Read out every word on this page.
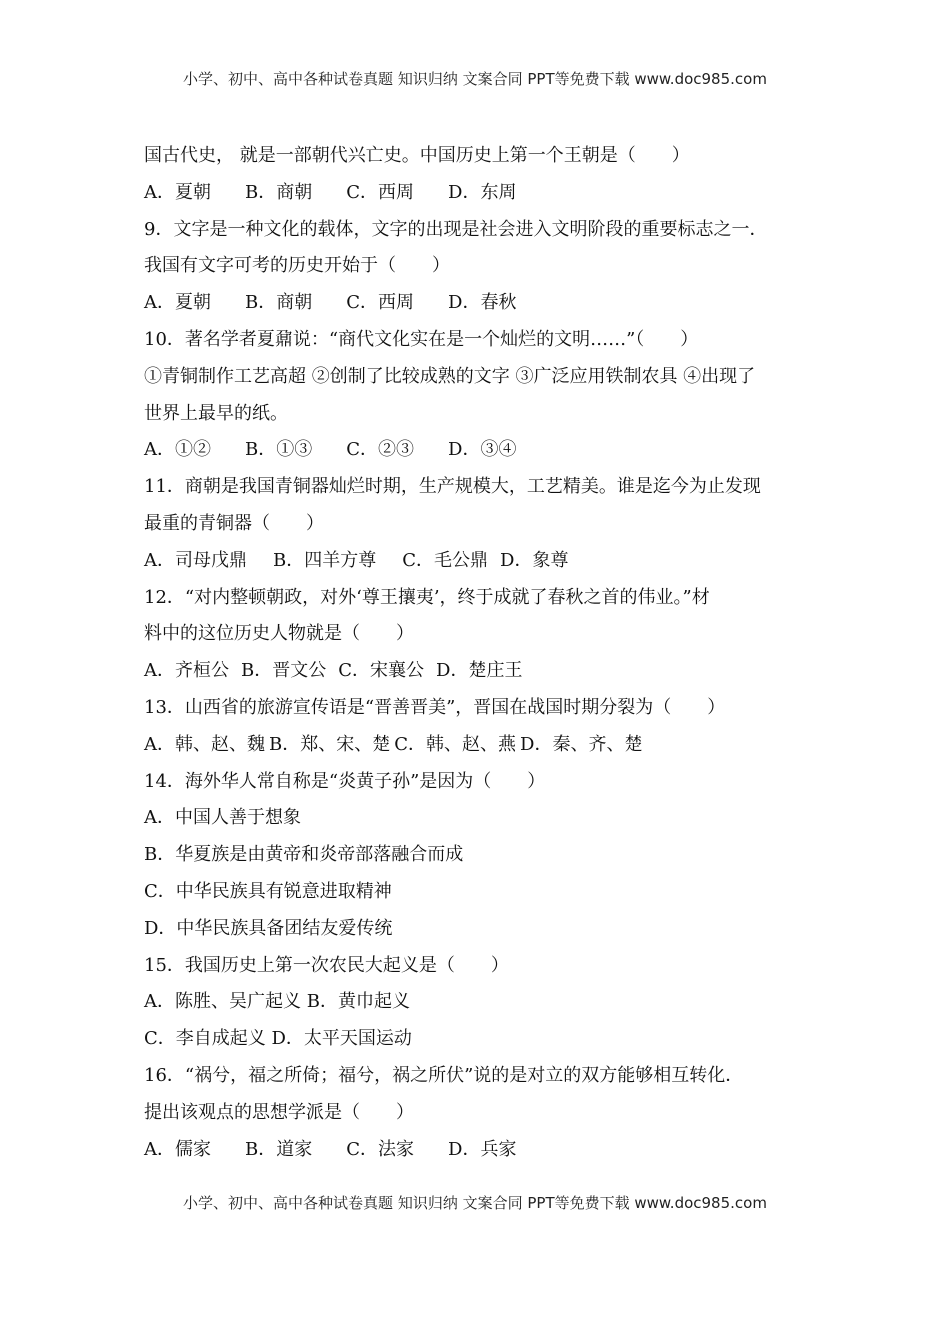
小学、初中、高中各种试卷真题 知识归纳 文案合同 PPT等免费下载 www.doc985.com
国古代史， 就是一部朝代兴亡史。中国历史上第一个王朝是（　　）
A．夏朝 B．商朝 C．西周 D．东周
9．文字是一种文化的载体，文字的出现是社会进入文明阶段的重要标志之一．
我国有文字可考的历史开始于（　　）
A．夏朝 B．商朝 C．西周 D．春秋
10．著名学者夏鼐说：“商代文化实在是一个灿烂的文明……”（　　）
①青铜制作工艺高超 ②创制了比较成熟的文字 ③广泛应用铁制农具 ④出现了
世界上最早的纸。
A．①② B．①③ C．②③ D．③④
11．商朝是我国青铜器灿烂时期，生产规模大，工艺精美。谁是迄今为止发现
最重的青铜器（　　）
A．司母戊鼎 B．四羊方尊 C．毛公鼎 D．象尊
12．“对内整顿朝政，对外‘尊王攘夷’，终于成就了春秋之首的伟业。”材
料中的这位历史人物就是（　　）
A．齐桓公 B．晋文公 C．宋襄公 D．楚庄王
13．山西省的旅游宣传语是“晋善晋美”，晋国在战国时期分裂为（　　）
A．韩、赵、魏 B．郑、宋、楚 C．韩、赵、燕 D．秦、齐、楚
14．海外华人常自称是“炎黄子孙”是因为（　　）
A．中国人善于想象
B．华夏族是由黄帝和炎帝部落融合而成
C．中华民族具有锐意进取精神
D．中华民族具备团结友爱传统
15．我国历史上第一次农民大起义是（　　）
A．陈胜、吴广起义 B．黄巾起义
C．李自成起义 D．太平天国运动
16．“祸兮，福之所倚；福兮，祸之所伏”说的是对立的双方能够相互转化．
提出该观点的思想学派是（　　）
A．儒家 B．道家 C．法家 D．兵家
小学、初中、高中各种试卷真题 知识归纳 文案合同 PPT等免费下载 www.doc985.com
